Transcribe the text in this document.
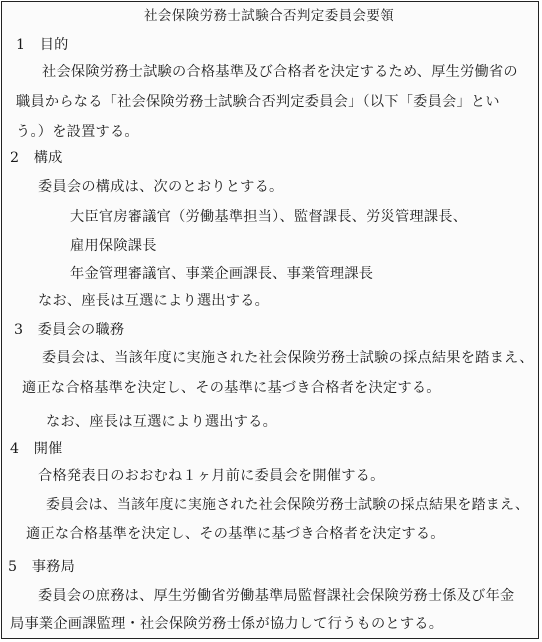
社会保険労務士試験合否判定委員会要領
1　目的
社会保険労務士試験の合格基準及び合格者を決定するため、厚生労働省の
職員からなる「社会保険労務士試験合否判定委員会」（以下「委員会」とい
う。）を設置する。
2　構成
委員会の構成は、次のとおりとする。
大臣官房審議官（労働基準担当）、監督課長、労災管理課長、
雇用保険課長
年金管理審議官、事業企画課長、事業管理課長
なお、座長は互選により選出する。
3　委員会の職務
委員会は、当該年度に実施された社会保険労務士試験の採点結果を踏まえ、
適正な合格基準を決定し、その基準に基づき合格者を決定する。
なお、座長は互選により選出する。
4　開催
合格発表日のおおむね１ヶ月前に委員会を開催する。
委員会は、当該年度に実施された社会保険労務士試験の採点結果を踏まえ、
適正な合格基準を決定し、その基準に基づき合格者を決定する。
5　事務局
委員会の庶務は、厚生労働省労働基準局監督課社会保険労務士係及び年金
局事業企画課監理・社会保険労務士係が協力して行うものとする。
